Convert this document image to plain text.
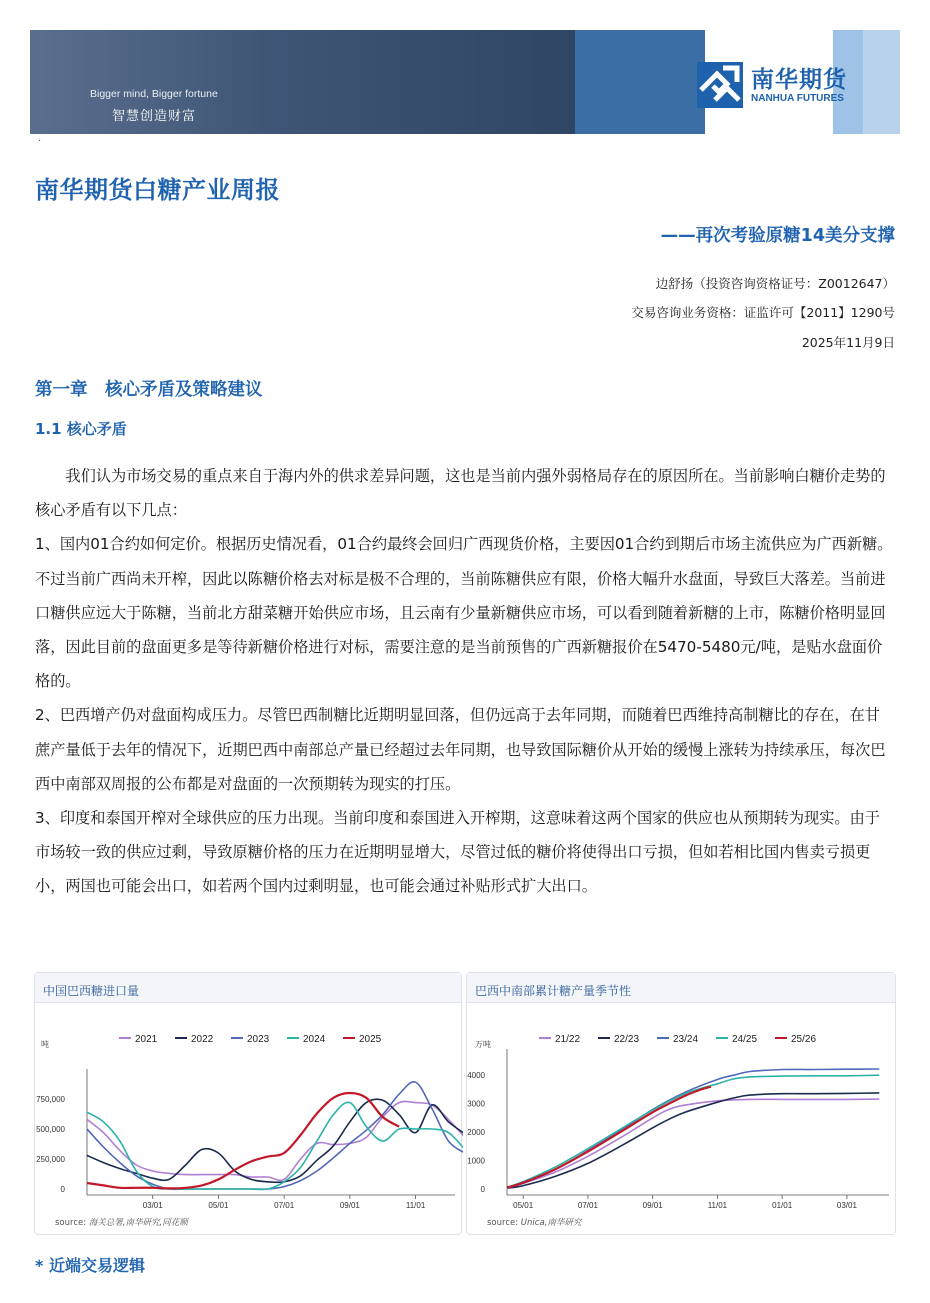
Bigger mind, Bigger fortune
智慧创造财富
南华期货
NANHUA FUTURES
·
南华期货白糖产业周报
——再次考验原糖14美分支撑
边舒扬（投资咨询资格证号：Z0012647）
交易咨询业务资格：证监许可【2011】1290号
2025年11月9日
第一章　核心矛盾及策略建议
1.1 核心矛盾

我们认为市场交易的重点来自于海内外的供求差异问题，这也是当前内强外弱格局存在的原因所在。当前影响白糖价走势的核心矛盾有以下几点：

1、国内01合约如何定价。根据历史情况看，01合约最终会回归广西现货价格，主要因01合约到期后市场主流供应为广西新糖。不过当前广西尚未开榨，因此以陈糖价格去对标是极不合理的，当前陈糖供应有限，价格大幅升水盘面，导致巨大落差。当前进口糖供应远大于陈糖，当前北方甜菜糖开始供应市场，且云南有少量新糖供应市场，可以看到随着新糖的上市，陈糖价格明显回落，因此目前的盘面更多是等待新糖价格进行对标，需要注意的是当前预售的广西新糖报价在5470-5480元/吨，是贴水盘面价格的。

2、巴西增产仍对盘面构成压力。尽管巴西制糖比近期明显回落，但仍远高于去年同期，而随着巴西维持高制糖比的存在，在甘蔗产量低于去年的情况下，近期巴西中南部总产量已经超过去年同期，也导致国际糖价从开始的缓慢上涨转为持续承压，每次巴西中南部双周报的公布都是对盘面的一次预期转为现实的打压。

3、印度和泰国开榨对全球供应的压力出现。当前印度和泰国进入开榨期，这意味着这两个国家的供应也从预期转为现实。由于市场较一致的供应过剩，导致原糖价格的压力在近期明显增大，尽管过低的糖价将使得出口亏损，但如若相比国内售卖亏损更小，两国也可能会出口，如若两个国内过剩明显，也可能会通过补贴形式扩大出口。

中国巴西糖进口量
2021	2022	2023	2024	2025
吨
750,000
500,000
250,000
0
03/01	05/01	07/01	09/01	11/01
source: 海关总署,南华研究,同花顺
巴西中南部累计糖产量季节性
21/22	22/23	23/24	24/25	25/26
万吨
4000
3000
2000
1000
0
05/01	07/01	09/01	11/01	01/01	03/01
source: Unica,南华研究
* 近端交易逻辑
